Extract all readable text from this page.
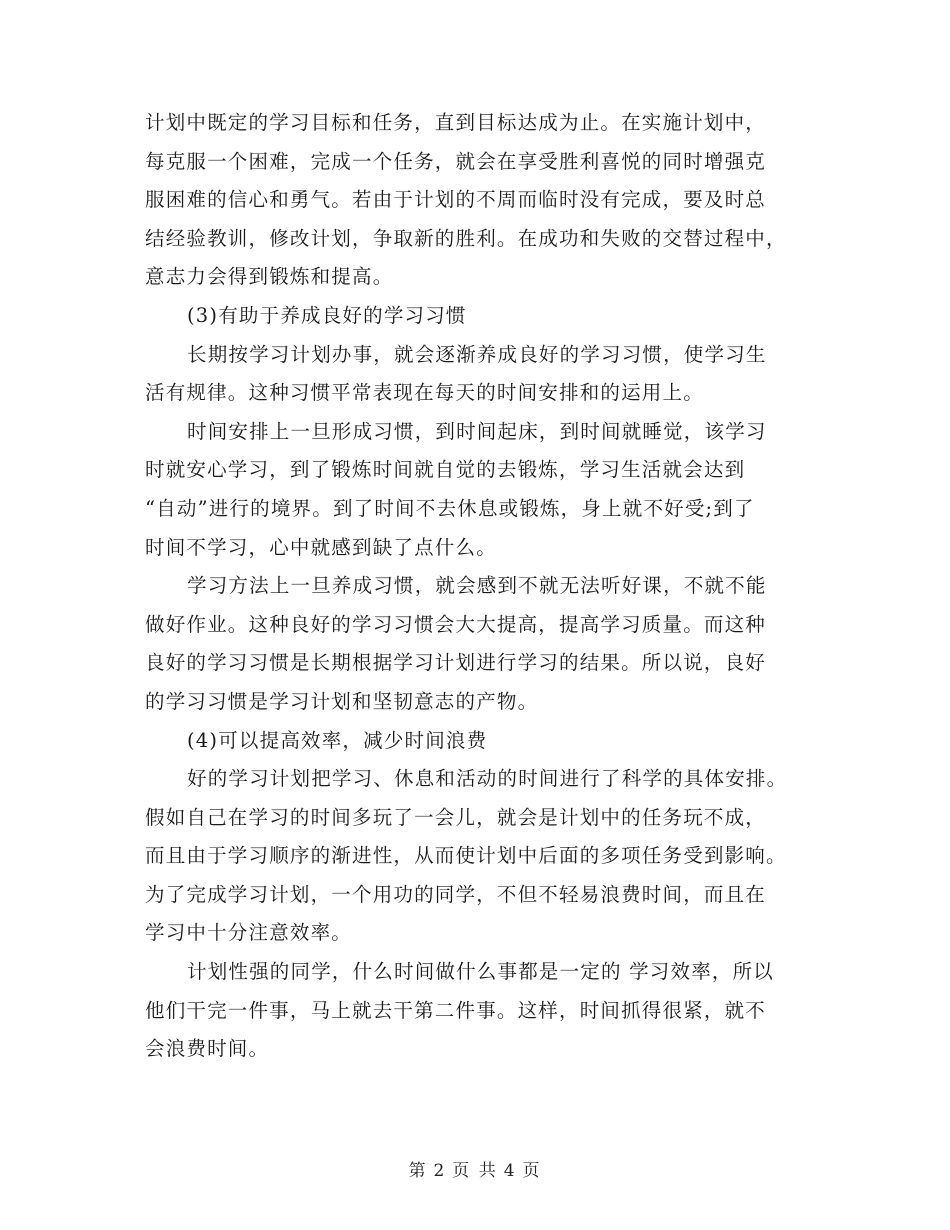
计划中既定的学习目标和任务，直到目标达成为止。在实施计划中，
每克服一个困难，完成一个任务，就会在享受胜利喜悦的同时增强克
服困难的信心和勇气。若由于计划的不周而临时没有完成，要及时总
结经验教训，修改计划，争取新的胜利。在成功和失败的交替过程中，
意志力会得到锻炼和提高。
(3)有助于养成良好的学习习惯
长期按学习计划办事，就会逐渐养成良好的学习习惯，使学习生
活有规律。这种习惯平常表现在每天的时间安排和的运用上。
时间安排上一旦形成习惯，到时间起床，到时间就睡觉，该学习
时就安心学习，到了锻炼时间就自觉的去锻炼，学习生活就会达到
“自动”进行的境界。到了时间不去休息或锻炼，身上就不好受;到了
时间不学习，心中就感到缺了点什么。
学习方法上一旦养成习惯，就会感到不就无法听好课，不就不能
做好作业。这种良好的学习习惯会大大提高，提高学习质量。而这种
良好的学习习惯是长期根据学习计划进行学习的结果。所以说，良好
的学习习惯是学习计划和坚韧意志的产物。
(4)可以提高效率，减少时间浪费
好的学习计划把学习、休息和活动的时间进行了科学的具体安排。
假如自己在学习的时间多玩了一会儿，就会是计划中的任务玩不成，
而且由于学习顺序的渐进性，从而使计划中后面的多项任务受到影响。
为了完成学习计划，一个用功的同学，不但不轻易浪费时间，而且在
学习中十分注意效率。
计划性强的同学，什么时间做什么事都是一定的 学习效率，所以
他们干完一件事，马上就去干第二件事。这样，时间抓得很紧，就不
会浪费时间。
第 2 页 共 4 页
